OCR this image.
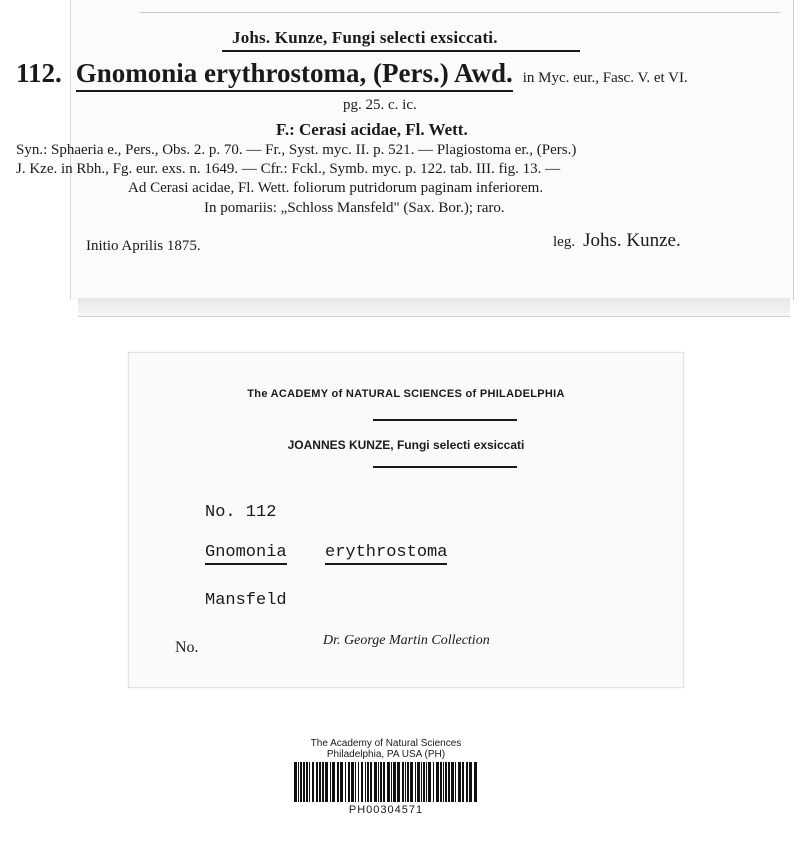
Johs. Kunze, Fungi selecti exsiccati.
112. Gnomonia erythrostoma, (Pers.) Awd. in Myc. eur., Fasc. V. et VI.
pg. 25. c. ic.
F.: Cerasi acidae, Fl. Wett.
Syn.: Sphaeria e., Pers., Obs. 2. p. 70. — Fr., Syst. myc. II. p. 521. — Plagiostoma er., (Pers.)
J. Kze. in Rbh., Fg. eur. exs. n. 1649. — Cfr.: Fckl., Symb. myc. p. 122. tab. III. fig. 13. —
Ad Cerasi acidae, Fl. Wett. foliorum putridorum paginam inferiorem.
In pomariis: „Schloss Mansfeld" (Sax. Bor.); raro.
Initio Aprilis 1875.	leg. Johs. Kunze.
The ACADEMY of NATURAL SCIENCES of PHILADELPHIA
JOANNES KUNZE, Fungi selecti exsiccati
No. 112
Gnomonia erythrostoma
Mansfeld
No.	Dr. George Martin Collection
The Academy of Natural Sciences
Philadelphia, PA USA (PH)
PH00304571
